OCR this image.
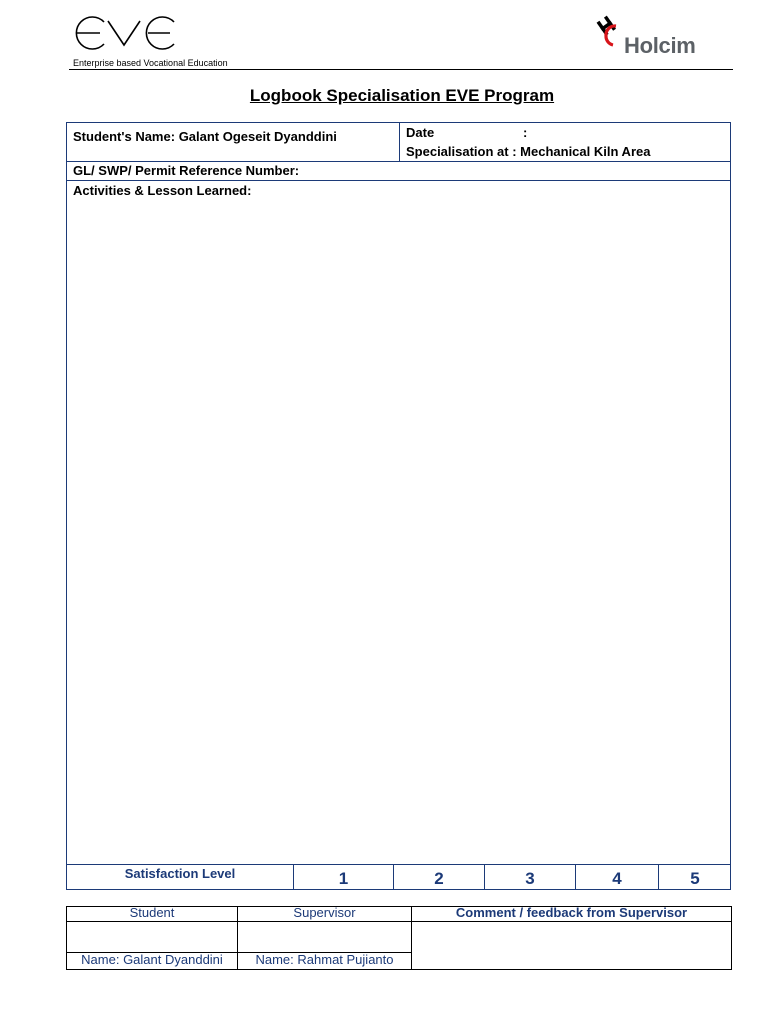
Enterprise based Vocational Education
Holcim
Logbook Specialisation EVE Program
Student's Name: Galant Ogeseit Dyanddini	Date	:
Specialisation at : Mechanical Kiln Area
GL/ SWP/ Permit Reference Number:
Activities & Lesson Learned:
Satisfaction Level	1	2	3	4	5
Student	Supervisor	Comment / feedback from Supervisor
Name: Galant Dyanddini	Name: Rahmat Pujianto
